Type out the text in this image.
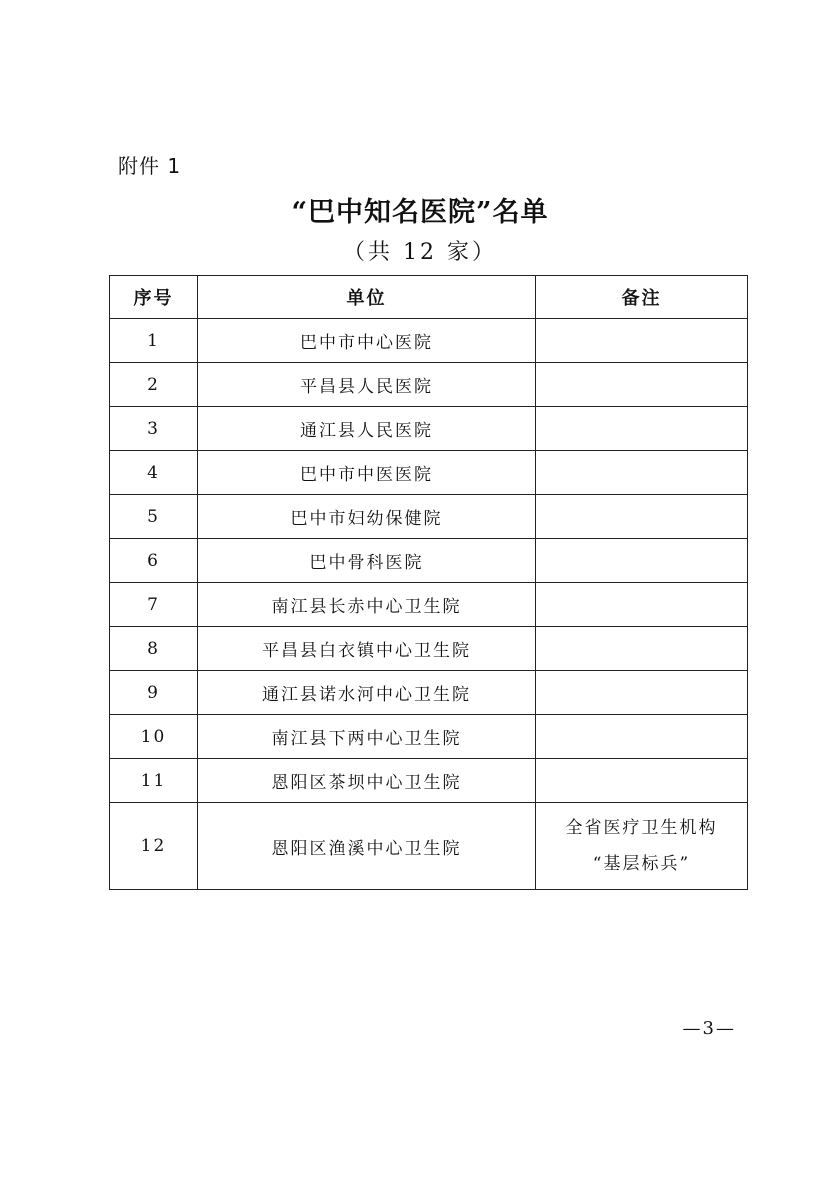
附件 1
“巴中知名医院”名单
（共 12 家）
序号	单位	备注
1	巴中市中心医院	
2	平昌县人民医院	
3	通江县人民医院	
4	巴中市中医医院	
5	巴中市妇幼保健院	
6	巴中骨科医院	
7	南江县长赤中心卫生院	
8	平昌县白衣镇中心卫生院	
9	通江县诺水河中心卫生院	
10	南江县下两中心卫生院	
11	恩阳区茶坝中心卫生院	
12	恩阳区渔溪中心卫生院	全省医疗卫生机构
“基层标兵”
—3—
